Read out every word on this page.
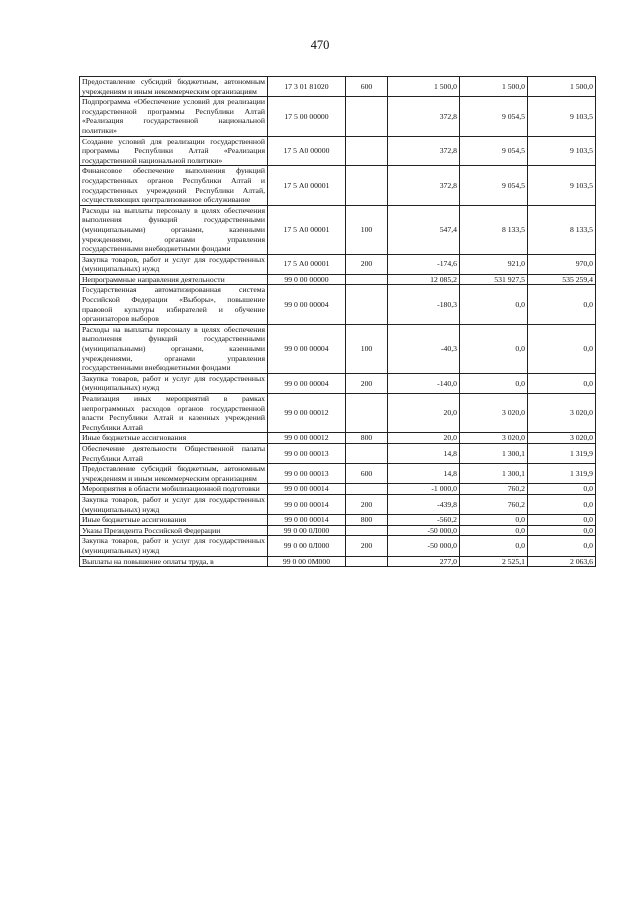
470
Предоставление субсидий бюджетным, автономным учреждениям и иным некоммерческим организациям	17 3 01 81020	600	1 500,0	1 500,0	1 500,0
Подпрограмма «Обеспечение условий для реализации государственной программы Республики Алтай «Реализация государственной национальной политики»	17 5 00 00000		372,8	9 054,5	9 103,5
Создание условий для реализации государственной программы Республики Алтай «Реализация государственной национальной политики»	17 5 А0 00000		372,8	9 054,5	9 103,5
Финансовое обеспечение выполнения функций государственных органов Республики Алтай и государственных учреждений Республики Алтай, осуществляющих централизованное обслуживание	17 5 А0 00001		372,8	9 054,5	9 103,5
Расходы на выплаты персоналу в целях обеспечения выполнения функций государственными (муниципальными) органами, казенными учреждениями, органами управления государственными внебюджетными фондами	17 5 А0 00001	100	547,4	8 133,5	8 133,5
Закупка товаров, работ и услуг для государственных (муниципальных) нужд	17 5 А0 00001	200	-174,6	921,0	970,0
Непрограммные направления деятельности	99 0 00 00000		12 085,2	531 927,5	535 259,4
Государственная автоматизированная система Российской Федерации «Выборы», повышение правовой культуры избирателей и обучение организаторов выборов	99 0 00 00004		-180,3	0,0	0,0
Расходы на выплаты персоналу в целях обеспечения выполнения функций государственными (муниципальными) органами, казенными учреждениями, органами управления государственными внебюджетными фондами	99 0 00 00004	100	-40,3	0,0	0,0
Закупка товаров, работ и услуг для государственных (муниципальных) нужд	99 0 00 00004	200	-140,0	0,0	0,0
Реализация иных мероприятий в рамках непрограммных расходов органов государственной власти Республики Алтай и казенных учреждений Республики Алтай	99 0 00 00012		20,0	3 020,0	3 020,0
Иные бюджетные ассигнования	99 0 00 00012	800	20,0	3 020,0	3 020,0
Обеспечение деятельности Общественной палаты Республики Алтай	99 0 00 00013		14,8	1 300,1	1 319,9
Предоставление субсидий бюджетным, автономным учреждениям и иным некоммерческим организациям	99 0 00 00013	600	14,8	1 300,1	1 319,9
Мероприятия в области мобилизационной подготовки	99 0 00 00014		-1 000,0	760,2	0,0
Закупка товаров, работ и услуг для государственных (муниципальных) нужд	99 0 00 00014	200	-439,8	760,2	0,0
Иные бюджетные ассигнования	99 0 00 00014	800	-560,2	0,0	0,0
Указы Президента Российской Федерации	99 0 00 0Л000		-50 000,0	0,0	0,0
Закупка товаров, работ и услуг для государственных (муниципальных) нужд	99 0 00 0Л000	200	-50 000,0	0,0	0,0
Выплаты на повышение оплаты труда, в	99 0 00 0М000		277,0	2 525,1	2 063,6
